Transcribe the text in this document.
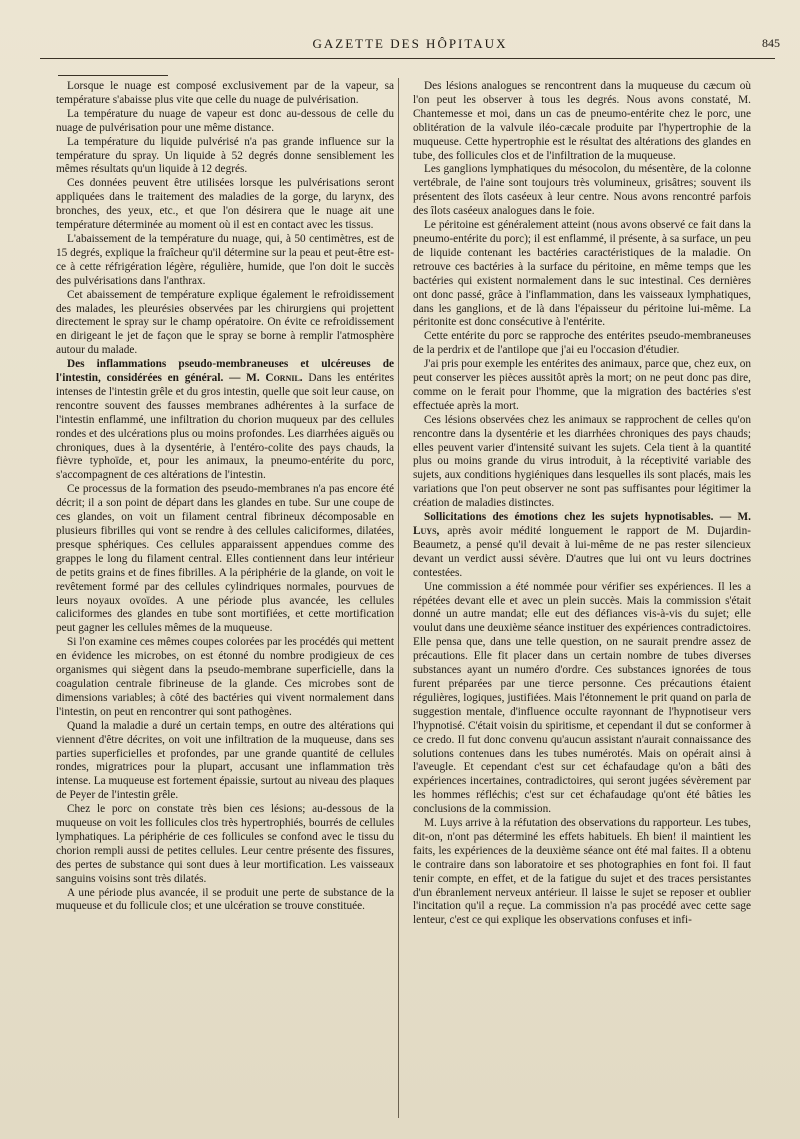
GAZETTE DES HÔPITAUX	845

Lorsque le nuage est composé exclusivement par de la vapeur, sa température s'abaisse plus vite que celle du nuage de pulvérisation.

La température du nuage de vapeur est donc au-dessous de celle du nuage de pulvérisation pour une même distance.

La température du liquide pulvérisé n'a pas grande influence sur la température du spray. Un liquide à 52 degrés donne sensiblement les mêmes résultats qu'un liquide à 12 degrés.

Ces données peuvent être utilisées lorsque les pulvérisations seront appliquées dans le traitement des maladies de la gorge, du larynx, des bronches, des yeux, etc., et que l'on désirera que le nuage ait une température déterminée au moment où il est en contact avec les tissus.

L'abaissement de la température du nuage, qui, à 50 centimètres, est de 15 degrés, explique la fraîcheur qu'il détermine sur la peau et peut-être est-ce à cette réfrigération légère, régulière, humide, que l'on doit le succès des pulvérisations dans l'anthrax.

Cet abaissement de température explique également le refroidissement des malades, les pleurésies observées par les chirurgiens qui projettent directement le spray sur le champ opératoire. On évite ce refroidissement en dirigeant le jet de façon que le spray se borne à remplir l'atmosphère autour du malade.

Des inflammations pseudo-membraneuses et ulcéreuses de l'intestin, considérées en général. — M. Cornil. Dans les entérites intenses de l'intestin grêle et du gros intestin, quelle que soit leur cause, on rencontre souvent des fausses membranes adhérentes à la surface de l'intestin enflammé, une infiltration du chorion muqueux par des cellules rondes et des ulcérations plus ou moins profondes. Les diarrhées aiguës ou chroniques, dues à la dysentérie, à l'entéro-colite des pays chauds, la fièvre typhoïde, et, pour les animaux, la pneumo-entérite du porc, s'accompagnent de ces altérations de l'intestin.

Ce processus de la formation des pseudo-membranes n'a pas encore été décrit; il a son point de départ dans les glandes en tube. Sur une coupe de ces glandes, on voit un filament central fibrineux décomposable en plusieurs fibrilles qui vont se rendre à des cellules caliciformes, dilatées, presque sphériques. Ces cellules apparaissent appendues comme des grappes le long du filament central. Elles contiennent dans leur intérieur de petits grains et de fines fibrilles. A la périphérie de la glande, on voit le revêtement formé par des cellules cylindriques normales, pourvues de leurs noyaux ovoïdes. A une période plus avancée, les cellules caliciformes des glandes en tube sont mortifiées, et cette mortification peut gagner les cellules mêmes de la muqueuse.

Si l'on examine ces mêmes coupes colorées par les procédés qui mettent en évidence les microbes, on est étonné du nombre prodigieux de ces organismes qui siègent dans la pseudo-membrane superficielle, dans la coagulation centrale fibrineuse de la glande. Ces microbes sont de dimensions variables; à côté des bactéries qui vivent normalement dans l'intestin, on peut en rencontrer qui sont pathogènes.

Quand la maladie a duré un certain temps, en outre des altérations qui viennent d'être décrites, on voit une infiltration de la muqueuse, dans ses parties superficielles et profondes, par une grande quantité de cellules rondes, migratrices pour la plupart, accusant une inflammation très intense. La muqueuse est fortement épaissie, surtout au niveau des plaques de Peyer de l'intestin grêle.

Chez le porc on constate très bien ces lésions; au-dessous de la muqueuse on voit les follicules clos très hypertrophiés, bourrés de cellules lymphatiques. La périphérie de ces follicules se confond avec le tissu du chorion rempli aussi de petites cellules. Leur centre présente des fissures, des pertes de substance qui sont dues à leur mortification. Les vaisseaux sanguins voisins sont très dilatés.

A une période plus avancée, il se produit une perte de substance de la muqueuse et du follicule clos; et une ulcération se trouve constituée.

Des lésions analogues se rencontrent dans la muqueuse du cæcum où l'on peut les observer à tous les degrés. Nous avons constaté, M. Chantemesse et moi, dans un cas de pneumo-entérite chez le porc, une oblitération de la valvule iléo-cæcale produite par l'hypertrophie de la muqueuse. Cette hypertrophie est le résultat des altérations des glandes en tube, des follicules clos et de l'infiltration de la muqueuse.

Les ganglions lymphatiques du mésocolon, du mésentère, de la colonne vertébrale, de l'aine sont toujours très volumineux, grisâtres; souvent ils présentent des îlots caséeux à leur centre. Nous avons rencontré parfois des îlots caséeux analogues dans le foie.

Le péritoine est généralement atteint (nous avons observé ce fait dans la pneumo-entérite du porc); il est enflammé, il présente, à sa surface, un peu de liquide contenant les bactéries caractéristiques de la maladie. On retrouve ces bactéries à la surface du péritoine, en même temps que les bactéries qui existent normalement dans le suc intestinal. Ces dernières ont donc passé, grâce à l'inflammation, dans les vaisseaux lymphatiques, dans les ganglions, et de là dans l'épaisseur du péritoine lui-même. La péritonite est donc consécutive à l'entérite.

Cette entérite du porc se rapproche des entérites pseudo-membraneuses de la perdrix et de l'antilope que j'ai eu l'occasion d'étudier.

J'ai pris pour exemple les entérites des animaux, parce que, chez eux, on peut conserver les pièces aussitôt après la mort; on ne peut donc pas dire, comme on le ferait pour l'homme, que la migration des bactéries s'est effectuée après la mort.

Ces lésions observées chez les animaux se rapprochent de celles qu'on rencontre dans la dysentérie et les diarrhées chroniques des pays chauds; elles peuvent varier d'intensité suivant les sujets. Cela tient à la quantité plus ou moins grande du virus introduit, à la réceptivité variable des sujets, aux conditions hygiéniques dans lesquelles ils sont placés, mais les variations que l'on peut observer ne sont pas suffisantes pour légitimer la création de maladies distinctes.

Sollicitations des émotions chez les sujets hypnotisables. — M. Luys, après avoir médité longuement le rapport de M. Dujardin-Beaumetz, a pensé qu'il devait à lui-même de ne pas rester silencieux devant un verdict aussi sévère. D'autres que lui ont vu leurs doctrines contestées.

Une commission a été nommée pour vérifier ses expériences. Il les a répétées devant elle et avec un plein succès. Mais la commission s'était donné un autre mandat; elle eut des défiances vis-à-vis du sujet; elle voulut dans une deuxième séance instituer des expériences contradictoires. Elle pensa que, dans une telle question, on ne saurait prendre assez de précautions. Elle fit placer dans un certain nombre de tubes diverses substances ayant un numéro d'ordre. Ces substances ignorées de tous furent préparées par une tierce personne. Ces précautions étaient régulières, logiques, justifiées. Mais l'étonnement le prit quand on parla de suggestion mentale, d'influence occulte rayonnant de l'hypnotiseur vers l'hypnotisé. C'était voisin du spiritisme, et cependant il dut se conformer à ce credo. Il fut donc convenu qu'aucun assistant n'aurait connaissance des solutions contenues dans les tubes numérotés. Mais on opérait ainsi à l'aveugle. Et cependant c'est sur cet échafaudage qu'on a bâti des expériences incertaines, contradictoires, qui seront jugées sévèrement par les hommes réfléchis; c'est sur cet échafaudage qu'ont été bâties les conclusions de la commission.

M. Luys arrive à la réfutation des observations du rapporteur. Les tubes, dit-on, n'ont pas déterminé les effets habituels. Eh bien! il maintient les faits, les expériences de la deuxième séance ont été mal faites. Il a obtenu le contraire dans son laboratoire et ses photographies en font foi. Il faut tenir compte, en effet, et de la fatigue du sujet et des traces persistantes d'un ébranlement nerveux antérieur. Il laisse le sujet se reposer et oublier l'incitation qu'il a reçue. La commission n'a pas procédé avec cette sage lenteur, c'est ce qui explique les observations confuses et infi-
